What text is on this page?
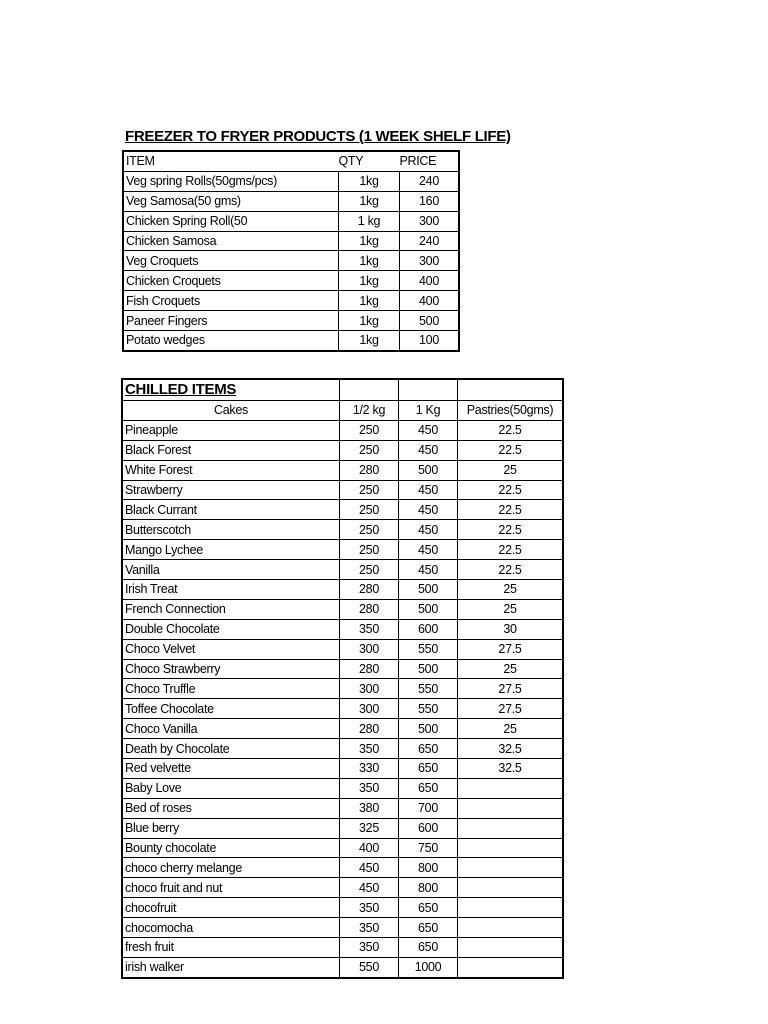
FREEZER TO FRYER PRODUCTS (1 WEEK SHELF LIFE)
ITEM	QTY	PRICE
Veg spring Rolls(50gms/pcs)	1kg	240
Veg Samosa(50 gms)	1kg	160
Chicken Spring Roll(50	1 kg	300
Chicken Samosa	1kg	240
Veg Croquets	1kg	300
Chicken Croquets	1kg	400
Fish Croquets	1kg	400
Paneer Fingers	1kg	500
Potato wedges	1kg	100
CHILLED ITEMS			
Cakes	1/2 kg	1 Kg	Pastries(50gms)
Pineapple	250	450	22.5
Black Forest	250	450	22.5
White Forest	280	500	25
Strawberry	250	450	22.5
Black Currant	250	450	22.5
Butterscotch	250	450	22.5
Mango Lychee	250	450	22.5
Vanilla	250	450	22.5
Irish Treat	280	500	25
French Connection	280	500	25
Double Chocolate	350	600	30
Choco Velvet	300	550	27.5
Choco Strawberry	280	500	25
Choco Truffle	300	550	27.5
Toffee Chocolate	300	550	27.5
Choco Vanilla	280	500	25
Death by Chocolate	350	650	32.5
Red velvette	330	650	32.5
Baby Love	350	650	
Bed of roses	380	700	
Blue berry	325	600	
Bounty chocolate	400	750	
choco cherry melange	450	800	
choco fruit and nut	450	800	
chocofruit	350	650	
chocomocha	350	650	
fresh fruit	350	650	
irish walker	550	1000	
